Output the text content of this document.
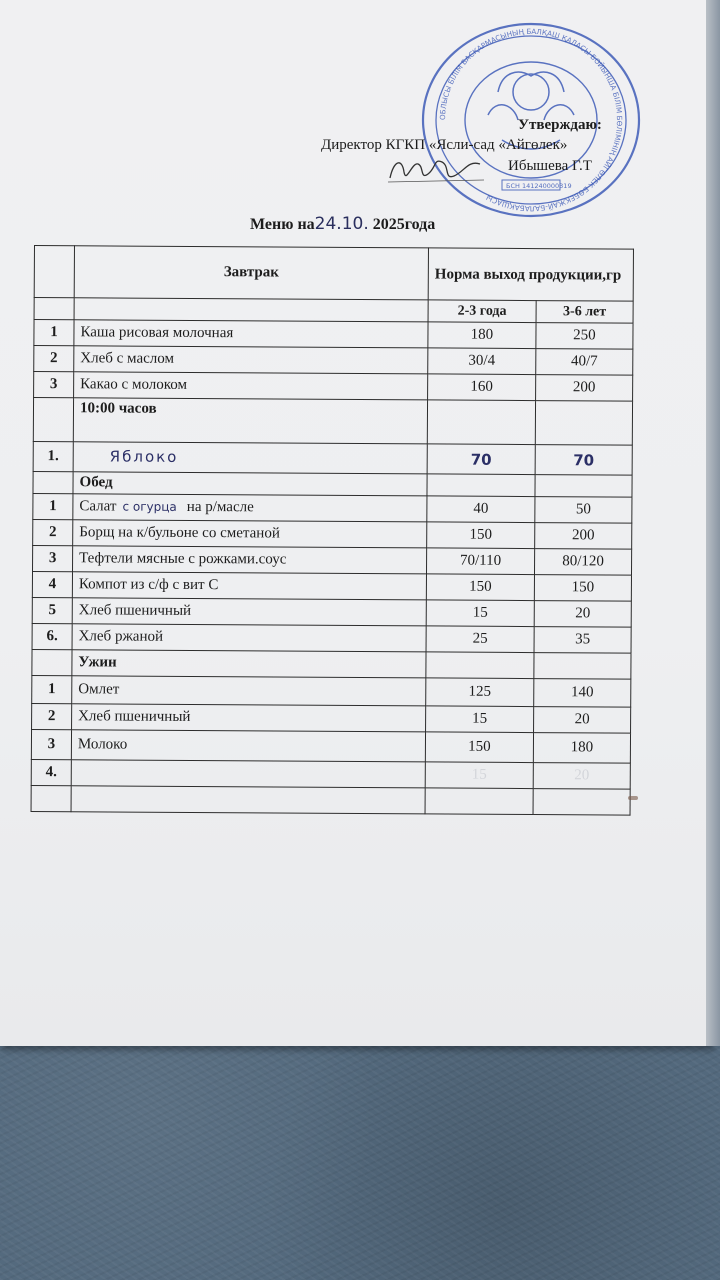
ОБЛЫСЫ БІЛІМ БАСҚАРМАСЫНЫҢ БАЛҚАШ ҚАЛАСЫ БОЙЫНША БІЛІМ БӨЛІМІНІҢ АЙГӨЛЕК БӨБЕКЖАЙ-БАЛАБАҚШАСЫ
БСН 141240000319
Утверждаю:
Директор КГКП «Ясли-сад «Айгөлек»
Ибышева Г.Т
Меню на24.10. 2025года
	Завтрак	Норма выход продукции,гр	
		2-3 года	3-6 лет
1	Каша рисовая молочная	180	250
2	Хлеб с маслом	30/4	40/7
3	Какао с молоком	160	200
	10:00 часов		
1.	Яблоко	70	70
	Обед		
1	Салат с огурца на р/масле	40	50
2	Борщ на к/бульоне со сметаной	150	200
3	Тефтели мясные с рожками.соус	70/110	80/120
4	Компот из с/ф с вит С	150	150
5	Хлеб пшеничный	15	20
6.	Хлеб ржаной	25	35
	Ужин		
1	Омлет	125	140
2	Хлеб пшеничный	15	20
3	Молоко	150	180
4.		15	20
